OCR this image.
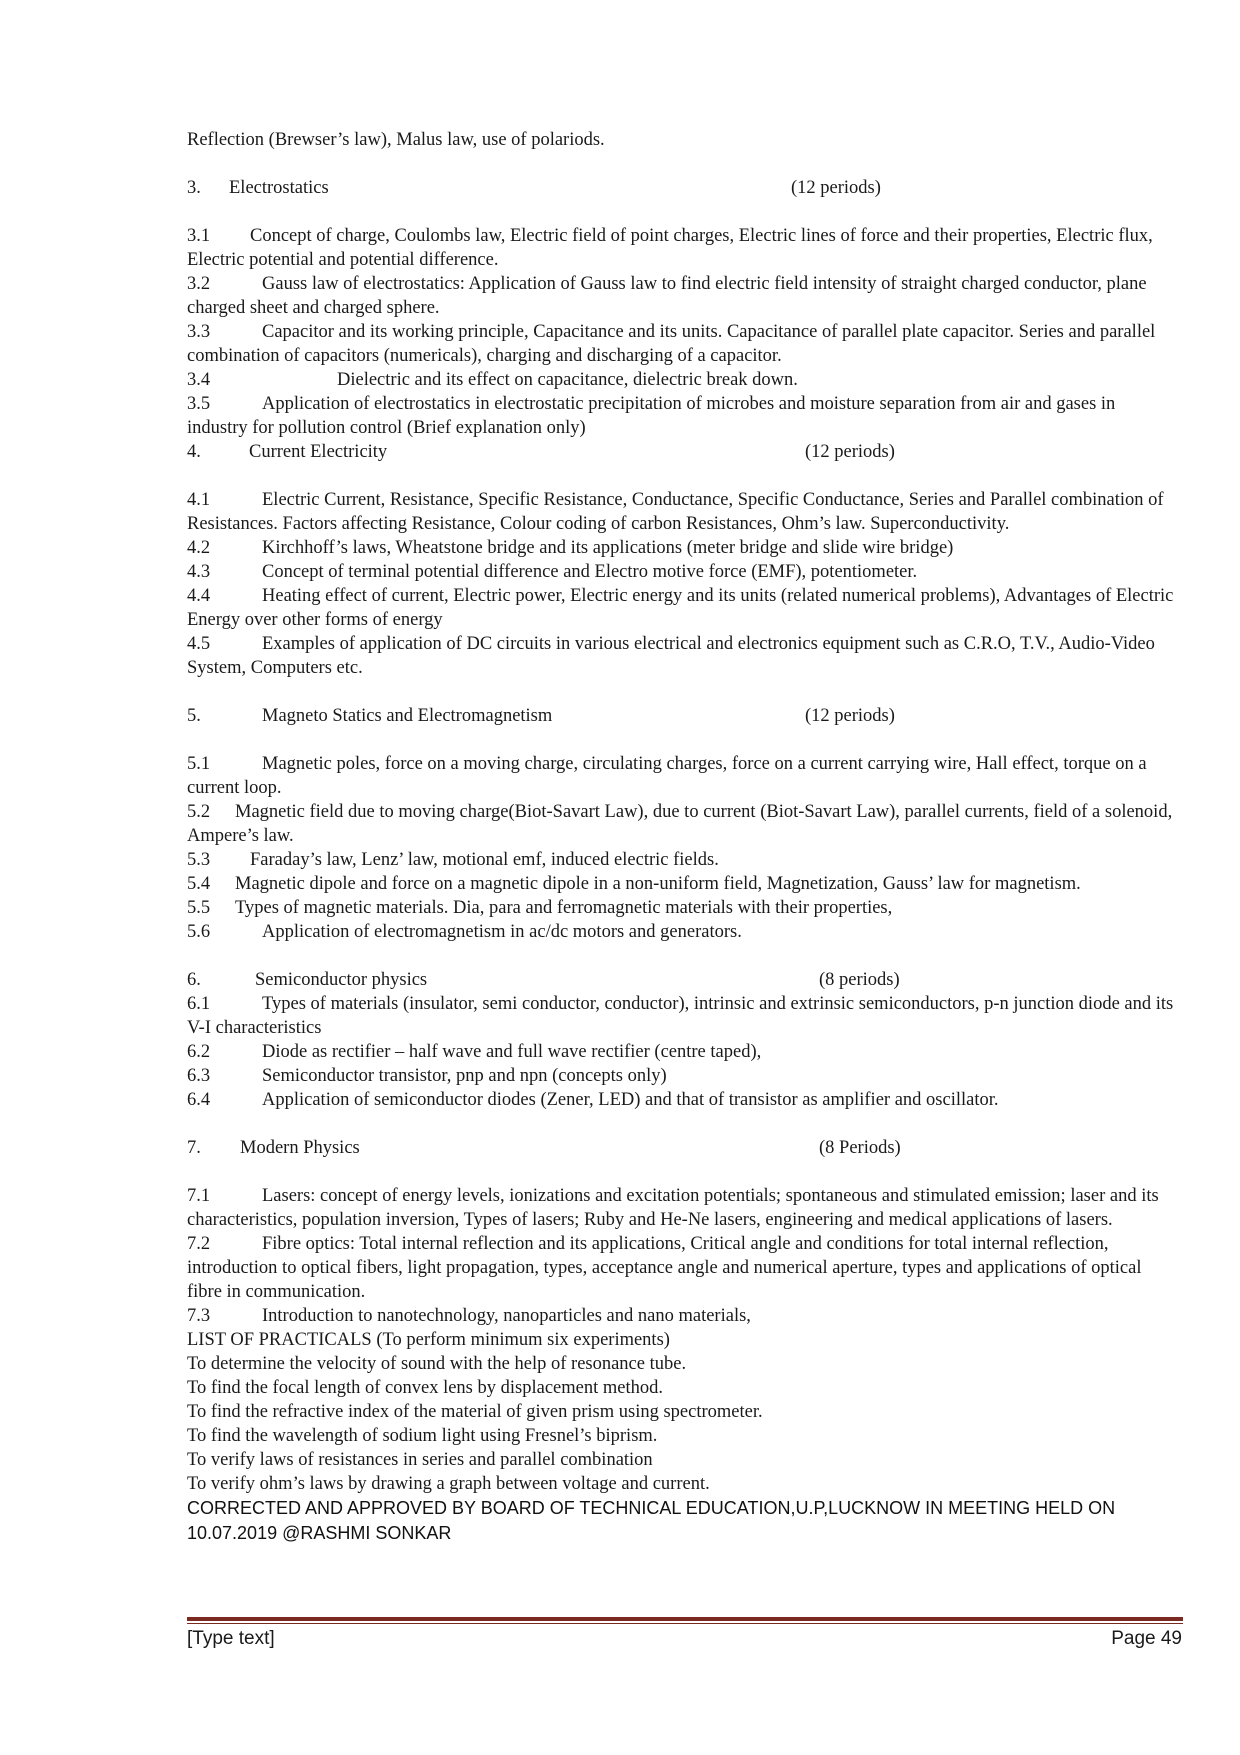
Reflection (Brewser’s law), Malus law, use of polariods.

3. Electrostatics	(12 periods)

3.1 Concept of charge, Coulombs law, Electric field of point charges, Electric lines of force and their properties, Electric flux, Electric potential and potential difference.

3.2	Gauss law of electrostatics: Application of Gauss law to find electric field intensity of straight charged conductor, plane charged sheet and charged sphere.

3.3	Capacitor and its working principle, Capacitance and its units. Capacitance of parallel plate capacitor. Series and parallel combination of capacitors (numericals), charging and discharging of a capacitor.

3.4	Dielectric and its effect on capacitance, dielectric break down.

3.5	Application of electrostatics in electrostatic precipitation of microbes and moisture separation from air and gases in industry for pollution control (Brief explanation only)

4.	Current Electricity	(12 periods)

4.1	Electric Current, Resistance, Specific Resistance, Conductance, Specific Conductance, Series and Parallel combination of Resistances. Factors affecting Resistance, Colour coding of carbon Resistances, Ohm’s law. Superconductivity.

4.2	Kirchhoff’s laws, Wheatstone bridge and its applications (meter bridge and slide wire bridge)

4.3	Concept of terminal potential difference and Electro motive force (EMF), potentiometer.

4.4	Heating effect of current, Electric power, Electric energy and its units (related numerical problems), Advantages of Electric Energy over other forms of energy

4.5	Examples of application of DC circuits in various electrical and electronics equipment such as C.R.O, T.V., Audio-Video System, Computers etc.

5.	Magneto Statics and Electromagnetism	(12 periods)

5.1	Magnetic poles, force on a moving charge, circulating charges, force on a current carrying wire, Hall effect, torque on a current loop.

5.2 Magnetic field due to moving charge(Biot-Savart Law), due to current (Biot-Savart Law), parallel currents, field of a solenoid, Ampere’s law.

5.3 Faraday’s law, Lenz’ law, motional emf, induced electric fields.

5.4 Magnetic dipole and force on a magnetic dipole in a non-uniform field, Magnetization, Gauss’ law for magnetism.

5.5 Types of magnetic materials. Dia, para and ferromagnetic materials with their properties,

5.6	Application of electromagnetism in ac/dc motors and generators.

6.	Semiconductor physics	(8 periods)

6.1	Types of materials (insulator, semi conductor, conductor), intrinsic and extrinsic semiconductors, p-n junction diode and its V-I characteristics

6.2	Diode as rectifier – half wave and full wave rectifier (centre taped),

6.3	Semiconductor transistor, pnp and npn (concepts only)

6.4	Application of semiconductor diodes (Zener, LED) and that of transistor as amplifier and oscillator.

7. Modern Physics	(8 Periods)

7.1	Lasers: concept of energy levels, ionizations and excitation potentials; spontaneous and stimulated emission; laser and its characteristics, population inversion, Types of lasers; Ruby and He-Ne lasers, engineering and medical applications of lasers.

7.2	Fibre optics: Total internal reflection and its applications, Critical angle and conditions for total internal reflection, introduction to optical fibers, light propagation, types, acceptance angle and numerical aperture, types and applications of optical fibre in communication.

7.3	Introduction to nanotechnology, nanoparticles and nano materials,

LIST OF PRACTICALS (To perform minimum six experiments)

To determine the velocity of sound with the help of resonance tube.

To find the focal length of convex lens by displacement method.

To find the refractive index of the material of given prism using spectrometer.

To find the wavelength of sodium light using Fresnel’s biprism.

To verify laws of resistances in series and parallel combination

To verify ohm’s laws by drawing a graph between voltage and current.

CORRECTED AND APPROVED BY BOARD OF TECHNICAL EDUCATION,U.P,LUCKNOW IN MEETING HELD ON
10.07.2019 @RASHMI SONKAR
[Type text]	Page 49
